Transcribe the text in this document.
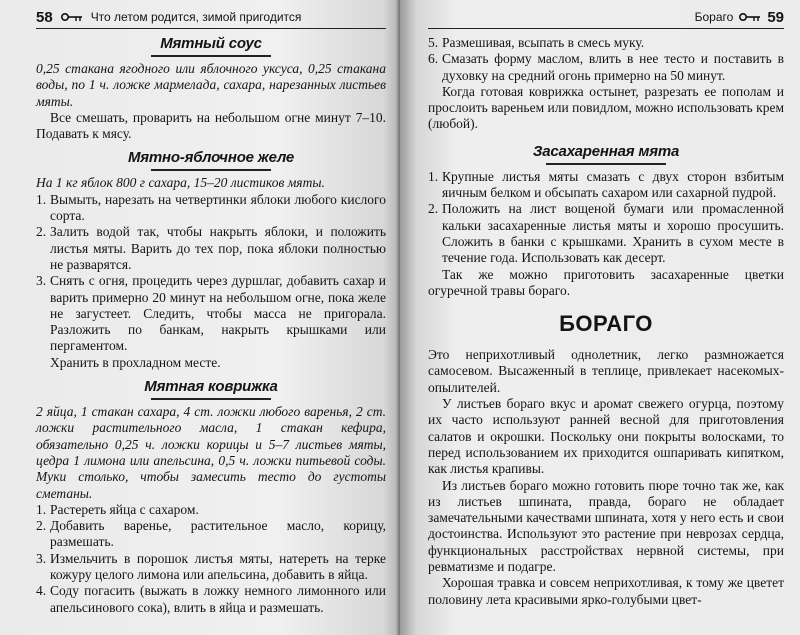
58	Что летом родится, зимой пригодится
Мятный соус

0,25 стакана ягодного или яблочного уксуса, 0,25 стакана воды, по 1 ч. ложке мармелада, сахара, нарезанных листьев мяты.

Все смешать, проварить на небольшом огне минут 7–10. Подавать к мясу.

Мятно-яблочное желе

На 1 кг яблок 800 г сахара, 15–20 листиков мяты.

1. Вымыть, нарезать на четвертинки яблоки любого кислого сорта.
2. Залить водой так, чтобы накрыть яблоки, и положить листья мяты. Варить до тех пор, пока яблоки полностью не разварятся.
3. Снять с огня, процедить через дуршлаг, добавить сахар и варить примерно 20 минут на небольшом огне, пока желе не загустеет. Следить, чтобы масса не пригорала. Разложить по банкам, накрыть крышками или пергаментом.

Хранить в прохладном месте.

Мятная коврижка

2 яйца, 1 стакан сахара, 4 ст. ложки любого варенья, 2 ст. ложки растительного масла, 1 стакан кефира, обязательно 0,25 ч. ложки корицы и 5–7 листьев мяты, цедра 1 лимона или апельсина, 0,5 ч. ложки питьевой соды. Муки столько, чтобы замесить тесто до густоты сметаны.

1. Растереть яйца с сахаром.
2. Добавить варенье, растительное масло, корицу, размешать.
3. Измельчить в порошок листья мяты, натереть на терке кожуру целого лимона или апельсина, добавить в яйца.
4. Соду погасить (выжать в ложку немного лимонного или апельсинового сока), влить в яйца и размешать.
Бораго 59
5. Размешивая, всыпать в смесь муку.
6. Смазать форму маслом, влить в нее тесто и поставить в духовку на средний огонь примерно на 50 минут.

Когда готовая коврижка остынет, разрезать ее пополам и прослоить вареньем или повидлом, можно использовать крем (любой).

Засахаренная мята
1. Крупные листья мяты смазать с двух сторон взбитым яичным белком и обсыпать сахаром или сахарной пудрой.
2. Положить на лист вощеной бумаги или промасленной кальки засахаренные листья мяты и хорошо просушить. Сложить в банки с крышками. Хранить в сухом месте в течение года. Использовать как десерт.

Так же можно приготовить засахаренные цветки огуречной травы бораго.

БОРАГО

Это неприхотливый однолетник, легко размножается самосевом. Высаженный в теплице, привлекает насекомых-опылителей.

У листьев бораго вкус и аромат свежего огурца, поэтому их часто используют ранней весной для приготовления салатов и окрошки. Поскольку они покрыты волосками, то перед использованием их приходится ошпаривать кипятком, как листья крапивы.

Из листьев бораго можно готовить пюре точно так же, как из листьев шпината, правда, бораго не обладает замечательными качествами шпината, хотя у него есть и свои достоинства. Используют это растение при неврозах сердца, функциональных расстройствах нервной системы, при ревматизме и подагре.

Хорошая травка и совсем неприхотливая, к тому же цветет половину лета красивыми ярко-голубыми цвет-
